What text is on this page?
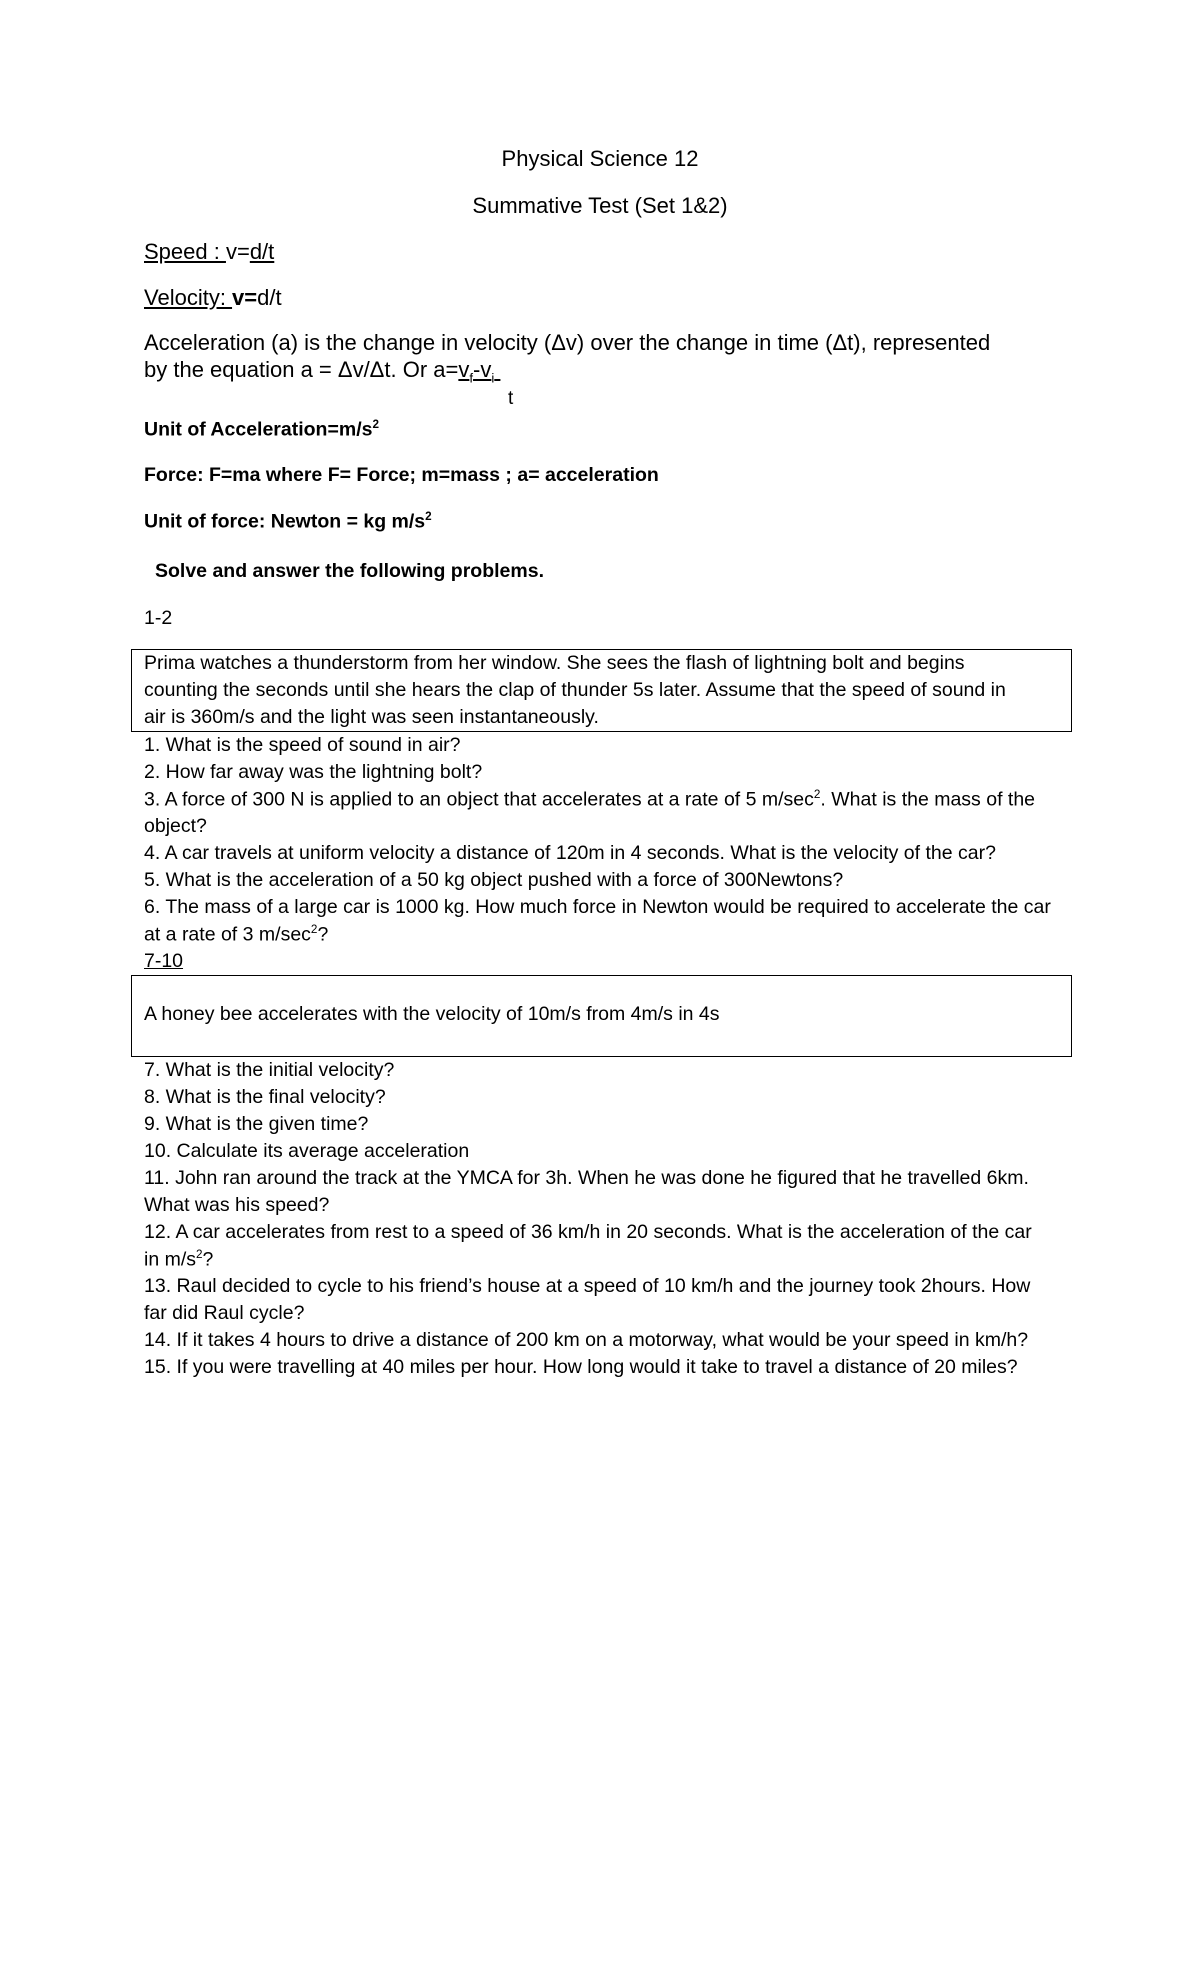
Physical Science 12
Summative Test (Set 1&2)
Speed : v=d/t
Velocity: v=d/t
Acceleration (a) is the change in velocity (Δv) over the change in time (Δt), represented
by the equation a = Δv/Δt. Or $a=v_f-v_i$
t
Unit of $Acceleration=m/s^2$
Force: F=ma where F= Force; m=mass ; a= acceleration
Unit of force: Newton = kg $m/s^2$
Solve and answer the following problems.
1-2
Prima watches a thunderstorm from her window. She sees the flash of lightning bolt and begins
counting the seconds until she hears the clap of thunder 5s later. Assume that the speed of sound in
air is 360m/s and the light was seen instantaneously.
1. What is the speed of sound in air?
2. How far away was the lightning bolt?
3. A force of 300 N is applied to an object that accelerates at a rate of 5 $m/\sec^2$. What is the mass of the
object?
4. A car travels at uniform velocity a distance of 120m in 4 seconds. What is the velocity of the car?
5. What is the acceleration of a 50 kg object pushed with a force of 300Newtons?
6. The mass of a large car is 1000 kg. How much force in Newton would be required to accelerate the car
at a rate of 3 $m/\sec^2$?
7-10
A honey bee accelerates with the velocity of 10m/s from 4m/s in 4s
7. What is the initial velocity?
8. What is the final velocity?
9. What is the given time?
10. Calculate its average acceleration
11. John ran around the track at the YMCA for 3h. When he was done he figured that he travelled 6km.
What was his speed?
12. A car accelerates from rest to a speed of 36 km/h in 20 seconds. What is the acceleration of the car
in $m/s^2$?
13. Raul decided to cycle to his friend’s house at a speed of 10 km/h and the journey took 2hours. How
far did Raul cycle?
14. If it takes 4 hours to drive a distance of 200 km on a motorway, what would be your speed in km/h?
15. If you were travelling at 40 miles per hour. How long would it take to travel a distance of 20 miles?
